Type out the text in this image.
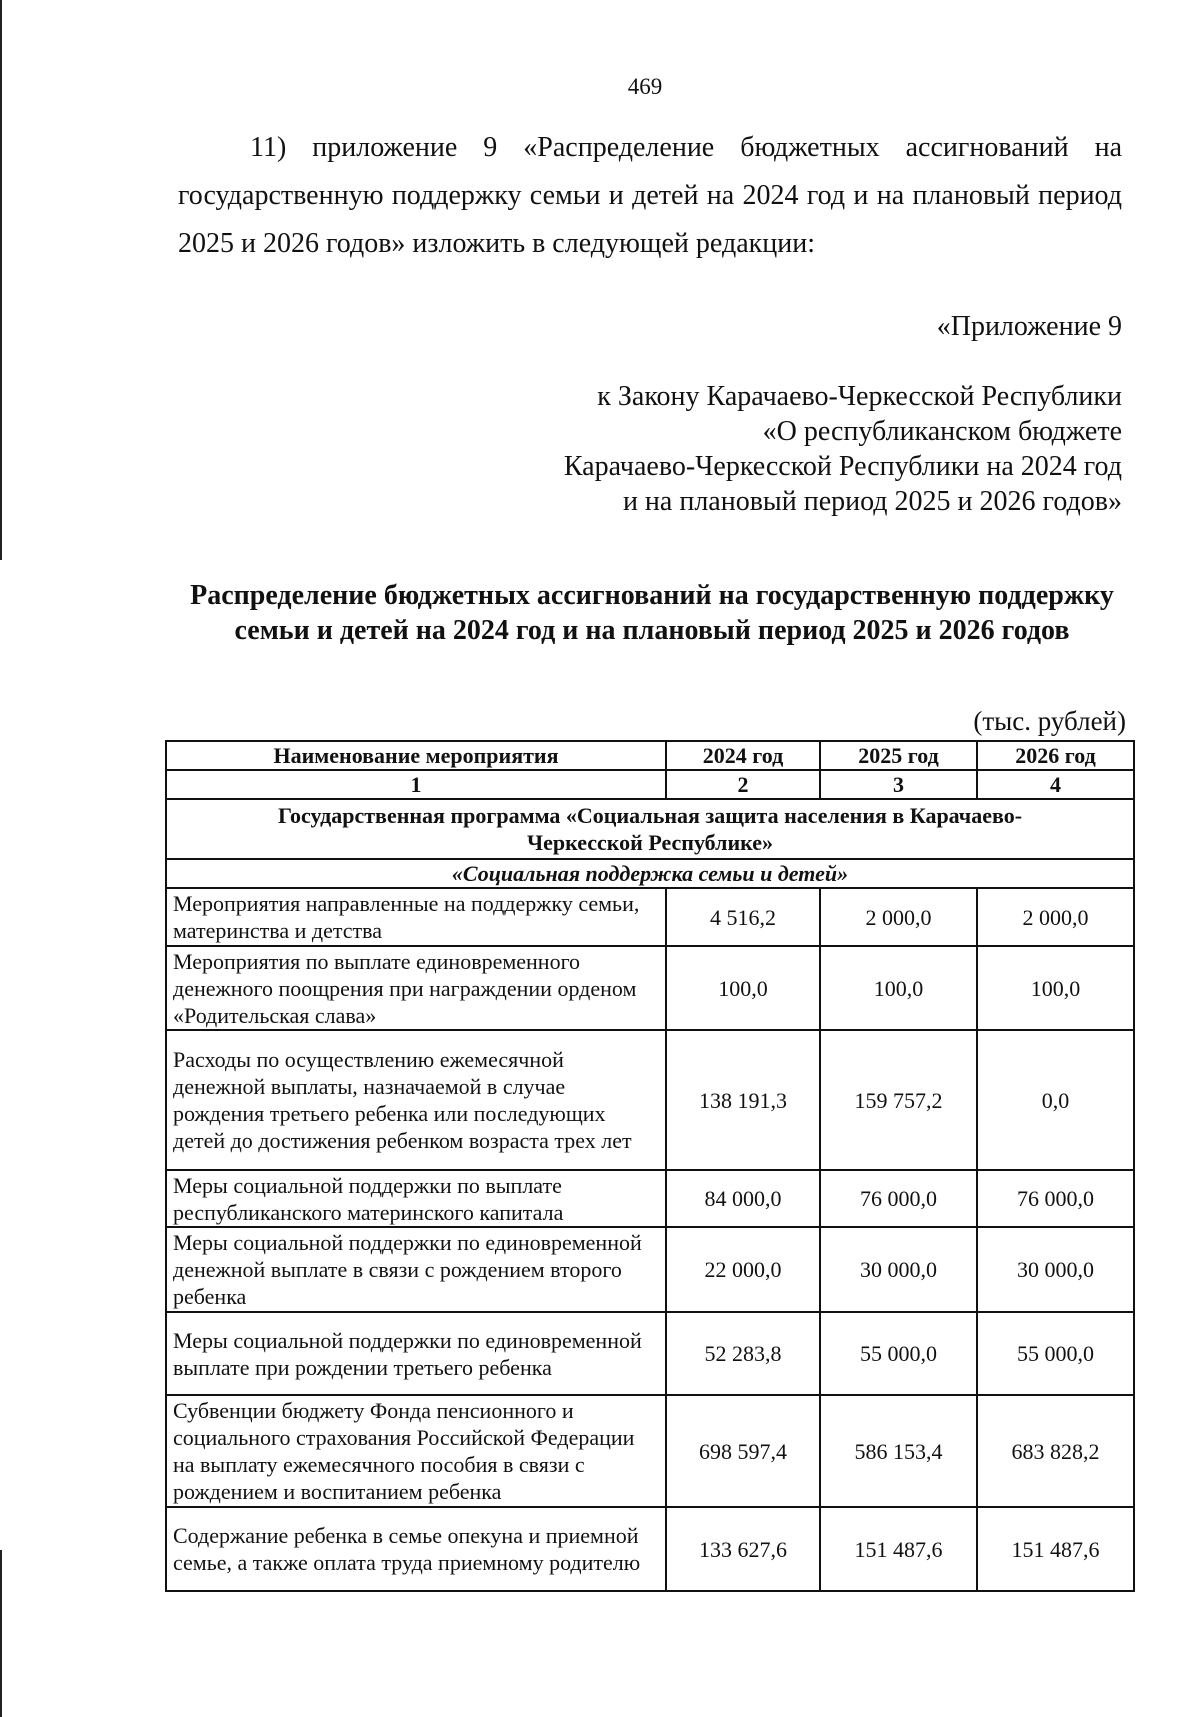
469

11) приложение 9 «Распределение бюджетных ассигнований на государственную поддержку семьи и детей на 2024 год и на плановый период 2025 и 2026 годов» изложить в следующей редакции:

«Приложение 9
к Закону Карачаево-Черкесской Республики
«О республиканском бюджете
Карачаево-Черкесской Республики на 2024 год
и на плановый период 2025 и 2026 годов»
Распределение бюджетных ассигнований на государственную поддержку семьи и детей на 2024 год и на плановый период 2025 и 2026 годов
(тыс. рублей)
Наименование мероприятия	2024 год	2025 год	2026 год
1	2	3	4
Государственная программа «Социальная защита населения в Карачаево-Черкесской Республике»			
«Социальная поддержка семьи и детей»			
Мероприятия направленные на поддержку семьи, материнства и детства	4 516,2	2 000,0	2 000,0
Мероприятия по выплате единовременного денежного поощрения при награждении орденом «Родительская слава»	100,0	100,0	100,0
Расходы по осуществлению ежемесячной денежной выплаты, назначаемой в случае рождения третьего ребенка или последующих детей до достижения ребенком возраста трех лет	138 191,3	159 757,2	0,0
Меры социальной поддержки по выплате республиканского материнского капитала	84 000,0	76 000,0	76 000,0
Меры социальной поддержки по единовременной денежной выплате в связи с рождением второго ребенка	22 000,0	30 000,0	30 000,0
Меры социальной поддержки по единовременной выплате при рождении третьего ребенка	52 283,8	55 000,0	55 000,0
Субвенции бюджету Фонда пенсионного и социального страхования Российской Федерации на выплату ежемесячного пособия в связи с рождением и воспитанием ребенка	698 597,4	586 153,4	683 828,2
Содержание ребенка в семье опекуна и приемной семье, а также оплата труда приемному родителю	133 627,6	151 487,6	151 487,6
